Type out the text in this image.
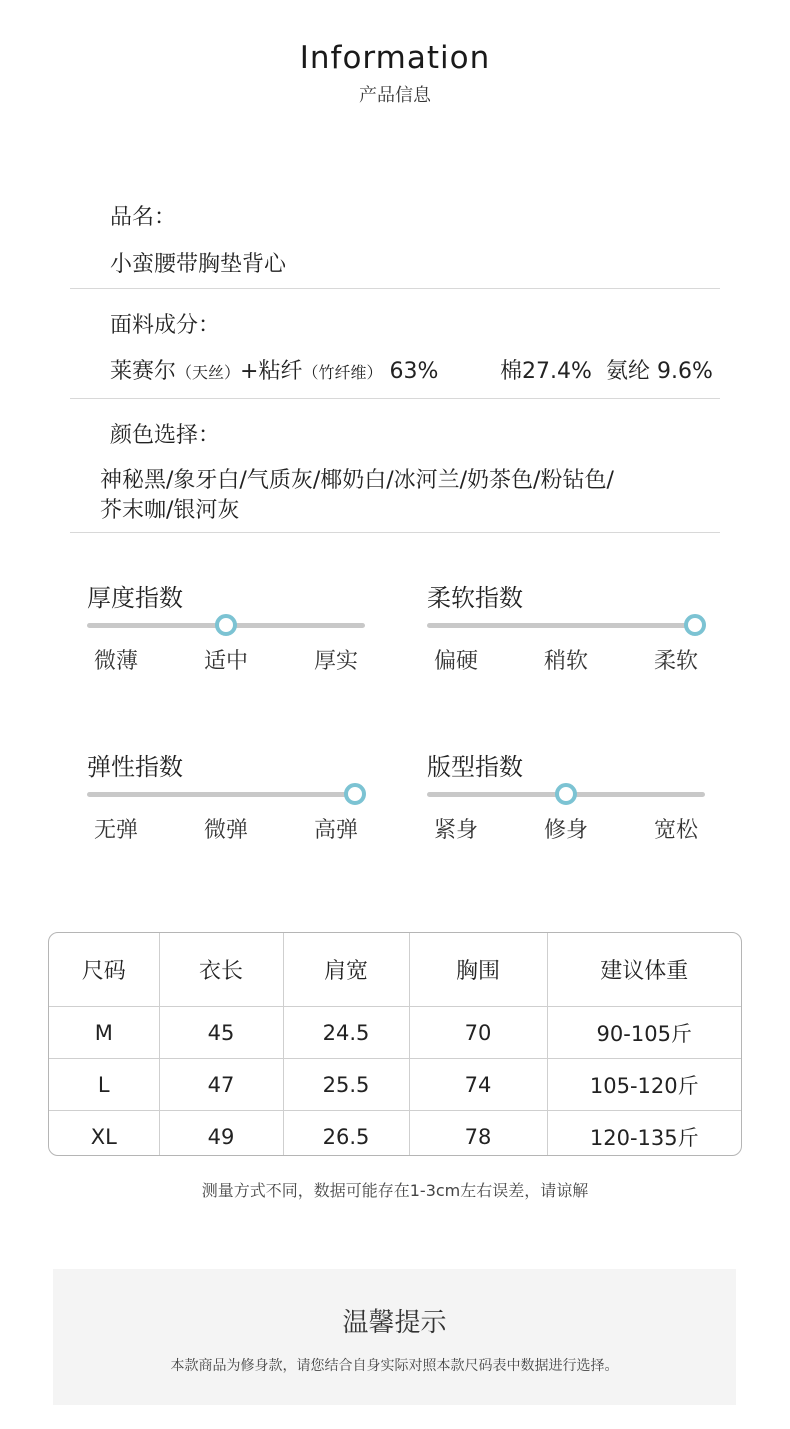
Information
产品信息
品名：
小蛮腰带胸垫背心
面料成分：
莱赛尔（天丝）+粘纤（竹纤维） 63%	棉27.4% 氨纶 9.6%
颜色选择：
神秘黑/象牙白/气质灰/椰奶白/冰河兰/奶茶色/粉钻色/
芥末咖/银河灰
厚度指数
微薄	适中	厚实
柔软指数
偏硬	稍软	柔软
弹性指数
无弹	微弹	高弹
版型指数
紧身	修身	宽松
尺码	衣长	肩宽	胸围	建议体重
M	45	24.5	70	90-105斤
L	47	25.5	74	105-120斤
XL	49	26.5	78	120-135斤
测量方式不同，数据可能存在1-3cm左右误差，请谅解
温馨提示
本款商品为修身款，请您结合自身实际对照本款尺码表中数据进行选择。
